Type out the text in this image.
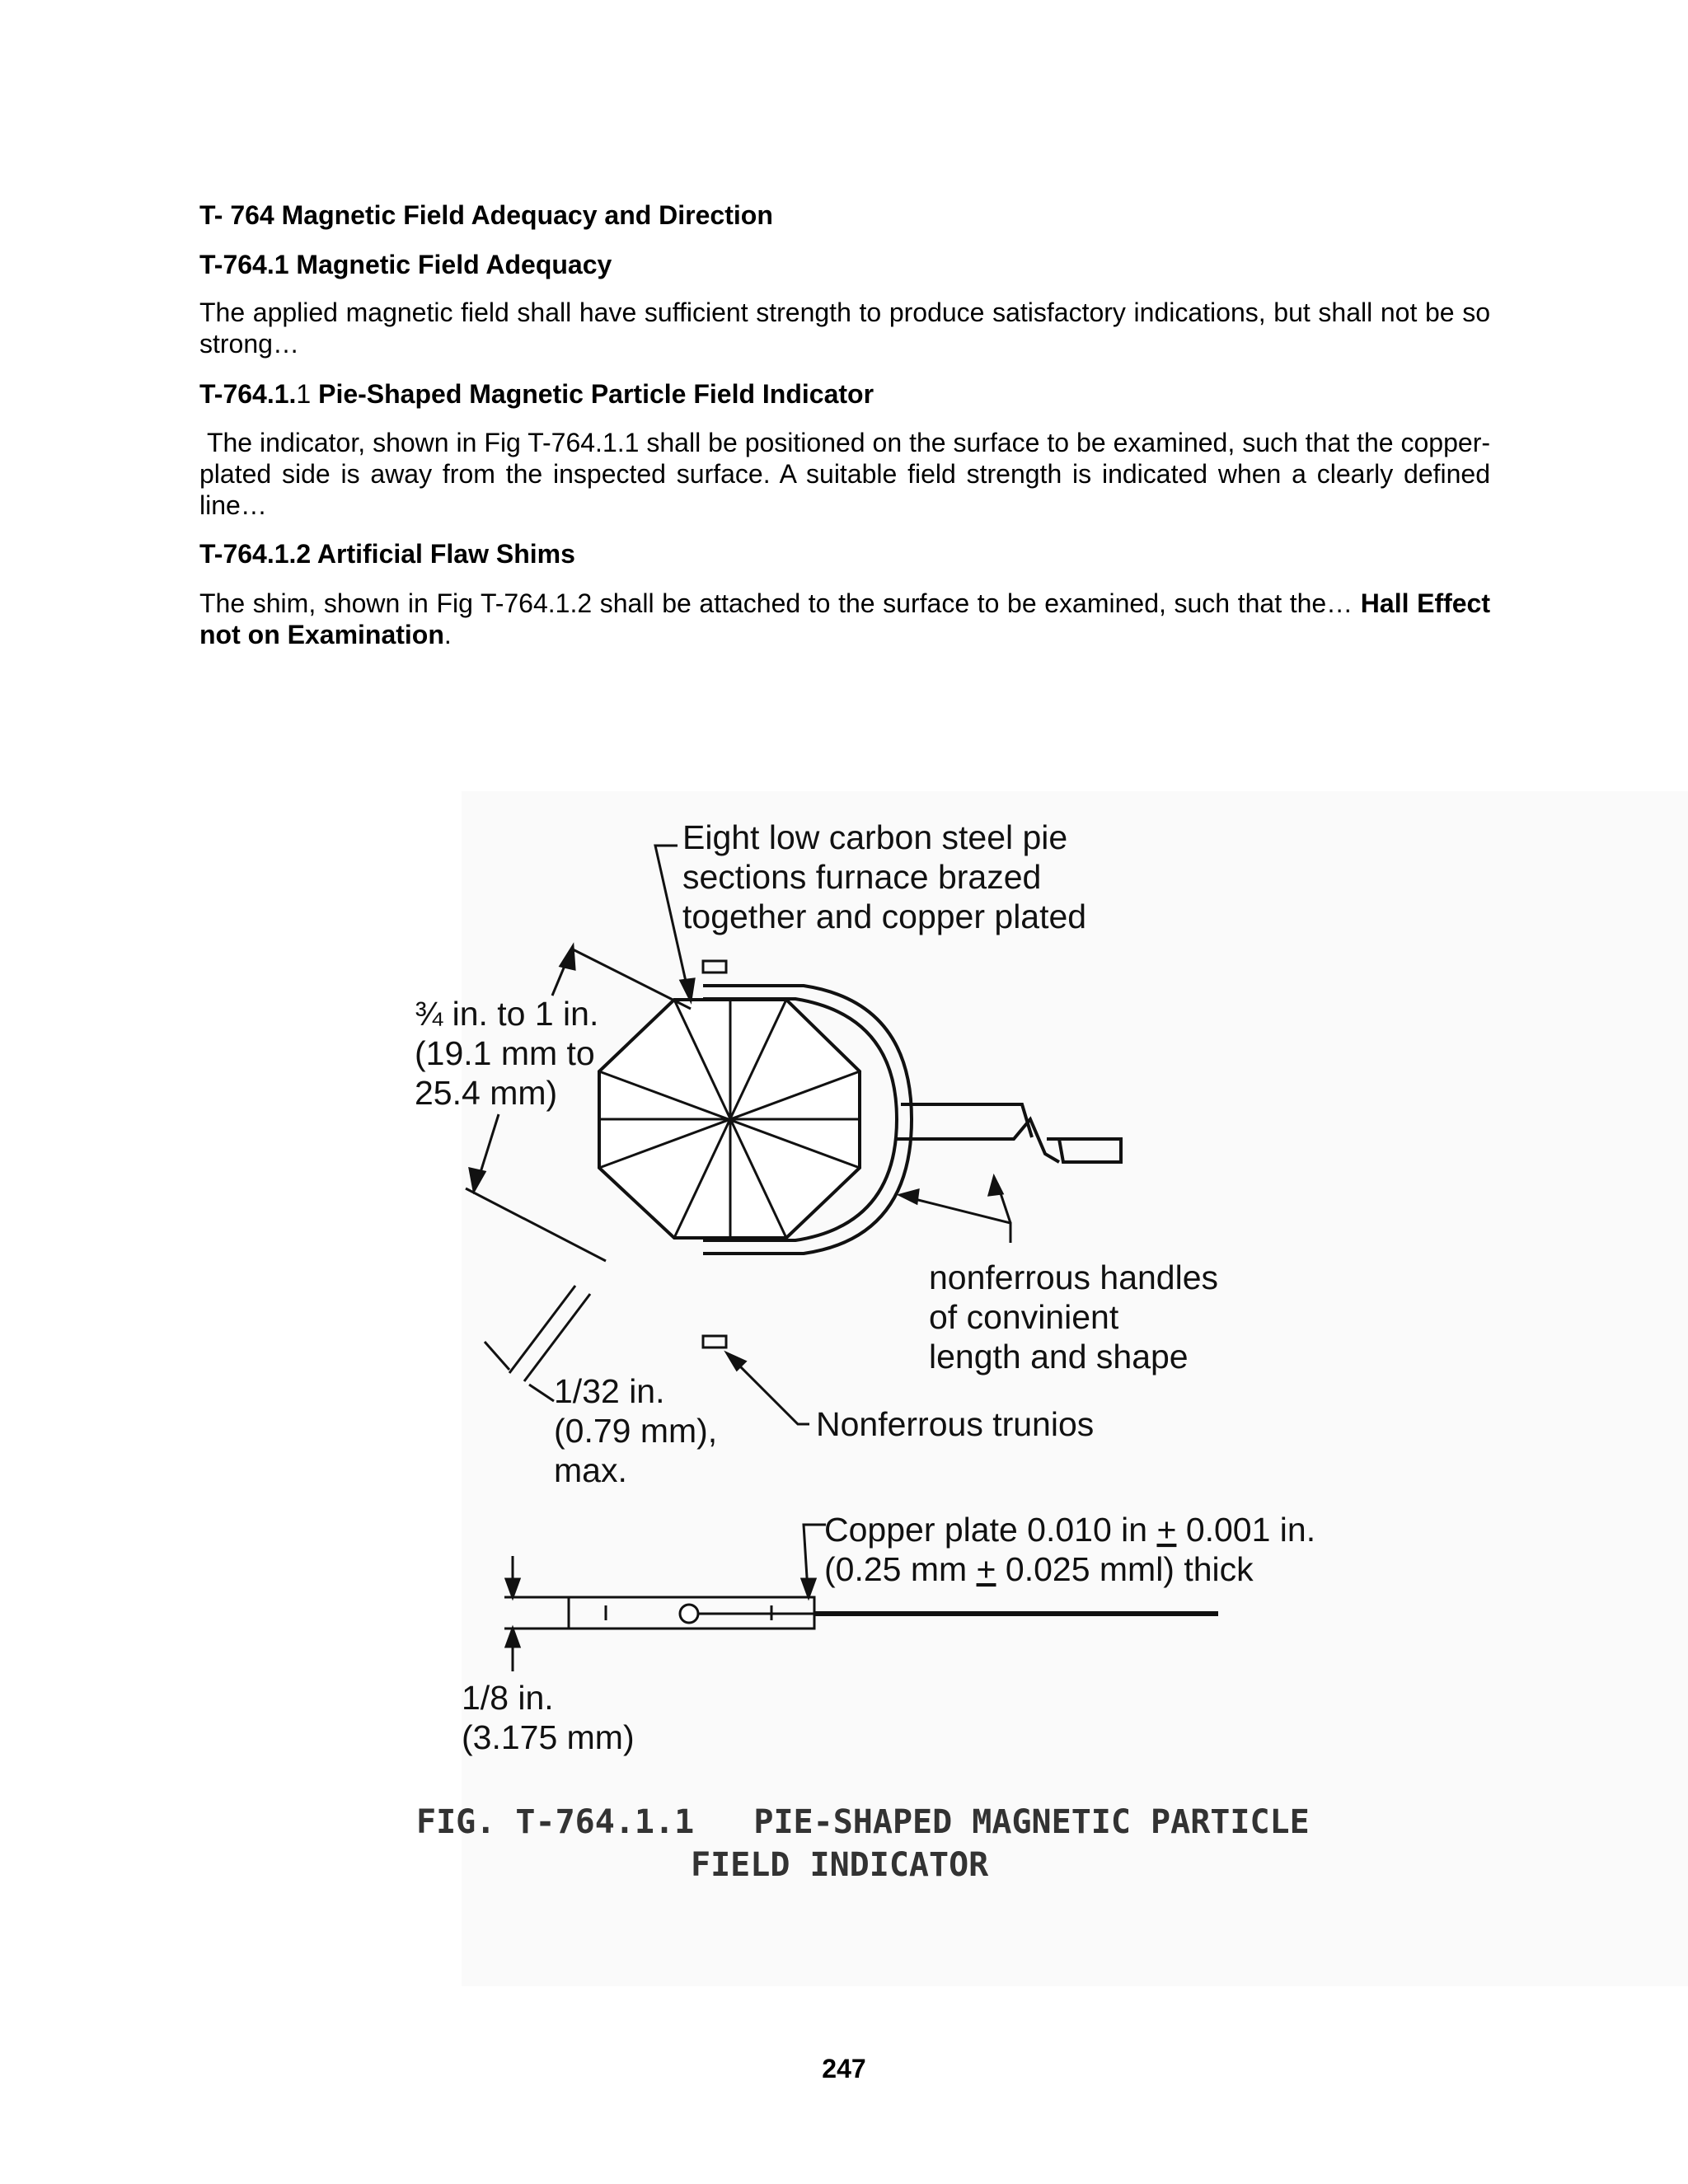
T- 764 Magnetic Field Adequacy and Direction
T-764.1 Magnetic Field Adequacy
The applied magnetic field shall have sufficient strength to produce satisfactory indications, but shall not be so strong…
T-764.1.1 Pie-Shaped Magnetic Particle Field Indicator
The indicator, shown in Fig T-764.1.1 shall be positioned on the surface to be examined, such that the copper-plated side is away from the inspected surface. A suitable field strength is indicated when a clearly defined line…
T-764.1.2 Artificial Flaw Shims
The shim, shown in Fig T-764.1.2 shall be attached to the surface to be examined, such that the… Hall Effect not on Examination.
Eight low carbon steel pie sections furnace brazed together and copper plated
¾ in. to 1 in. (19.1 mm to 25.4 mm)
nonferrous handles of convinient length and shape
1/32 in. (0.79 mm), max.
Nonferrous trunios
Copper plate 0.010 in + 0.001 in. (0.25 mm + 0.025 mml) thick
1/8 in. (3.175 mm)
FIG. T-764.1.1   PIE-SHAPED MAGNETIC PARTICLE
FIELD INDICATOR
247
